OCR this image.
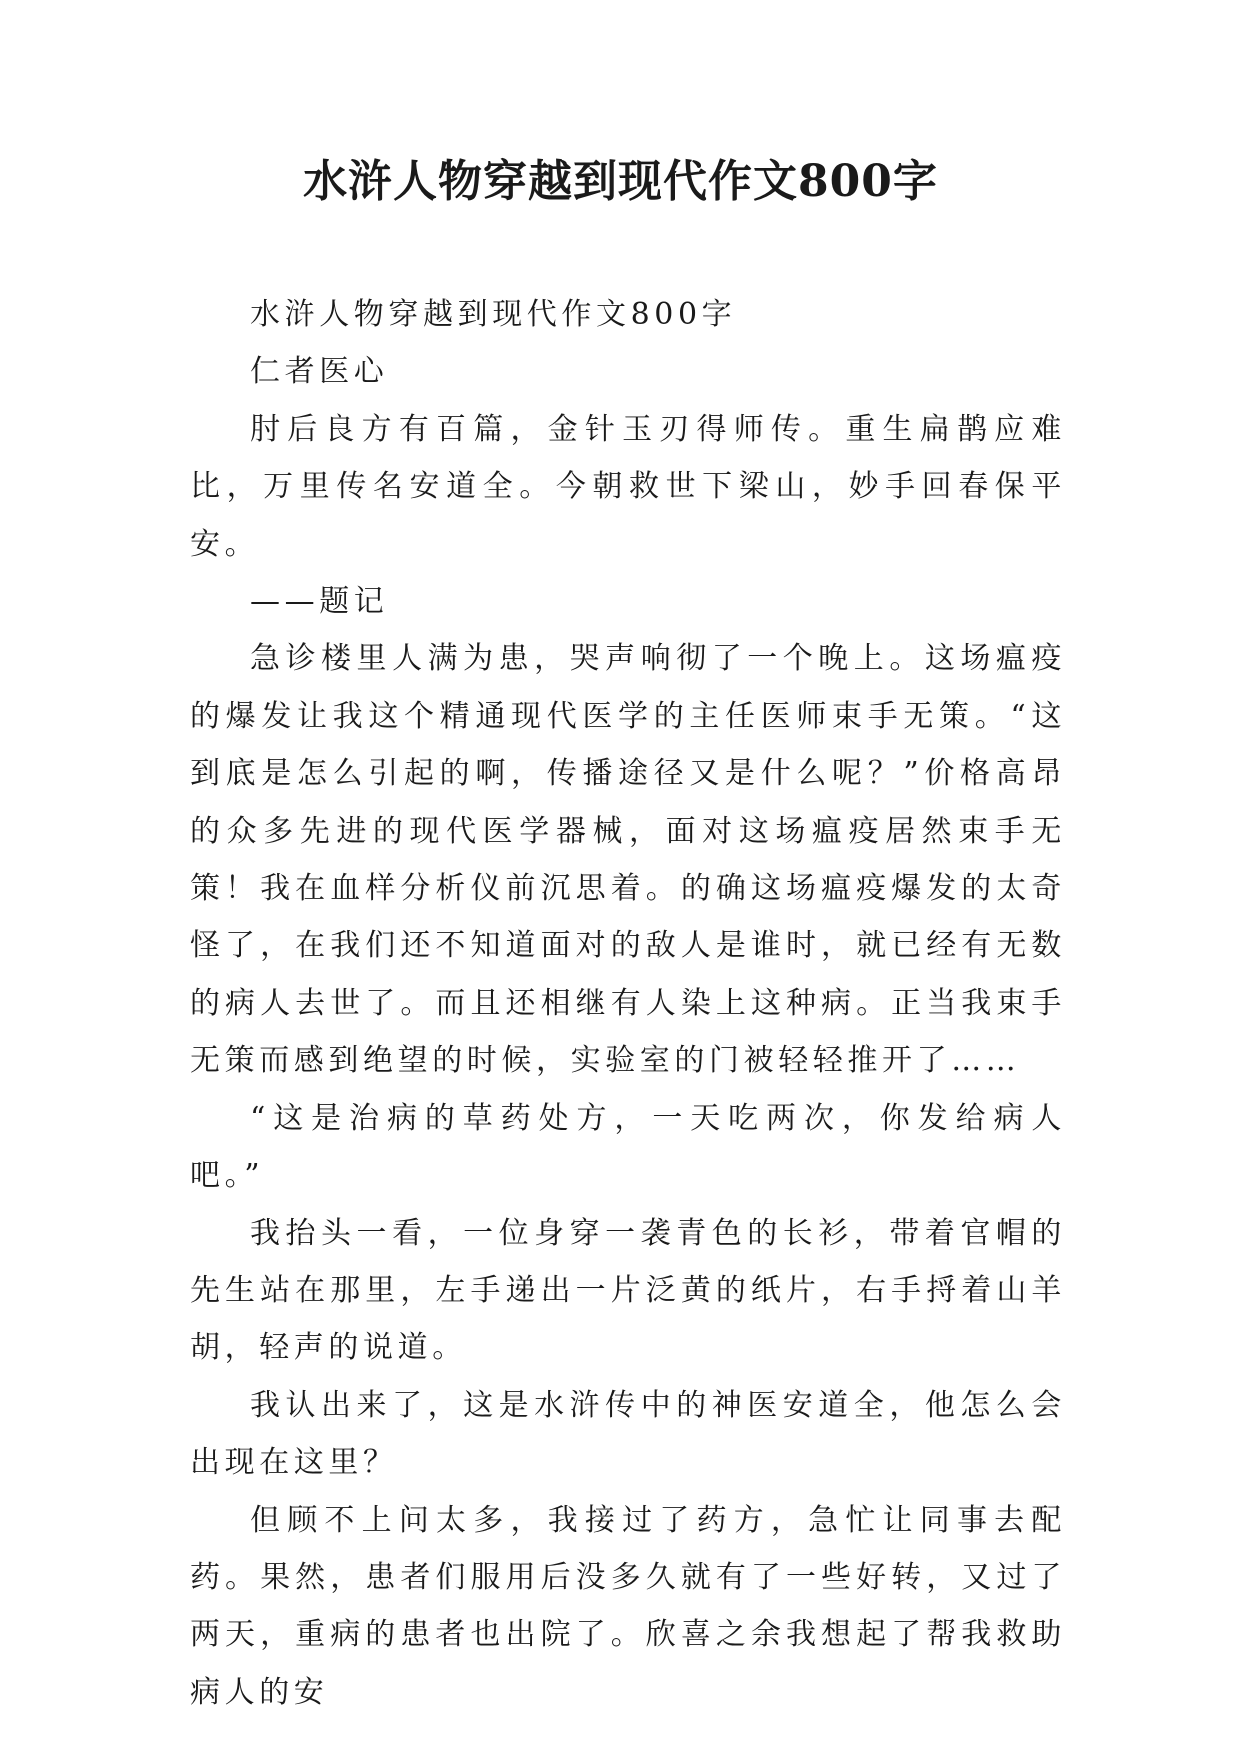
水浒人物穿越到现代作文800字

水浒人物穿越到现代作文800字

仁者医心

肘后良方有百篇，金针玉刃得师传。重生扁鹊应难比，万里传名安道全。今朝救世下梁山，妙手回春保平安。

——题记

急诊楼里人满为患，哭声响彻了一个晚上。这场瘟疫的爆发让我这个精通现代医学的主任医师束手无策。“这到底是怎么引起的啊，传播途径又是什么呢？”价格高昂的众多先进的现代医学器械，面对这场瘟疫居然束手无策！我在血样分析仪前沉思着。的确这场瘟疫爆发的太奇怪了，在我们还不知道面对的敌人是谁时，就已经有无数的病人去世了。而且还相继有人染上这种病。正当我束手无策而感到绝望的时候，实验室的门被轻轻推开了……

“这是治病的草药处方，一天吃两次，你发给病人吧。”

我抬头一看，一位身穿一袭青色的长衫，带着官帽的先生站在那里，左手递出一片泛黄的纸片，右手捋着山羊胡，轻声的说道。

我认出来了，这是水浒传中的神医安道全，他怎么会出现在这里？

但顾不上问太多，我接过了药方，急忙让同事去配药。果然，患者们服用后没多久就有了一些好转，又过了两天，重病的患者也出院了。欣喜之余我想起了帮我救助病人的安
